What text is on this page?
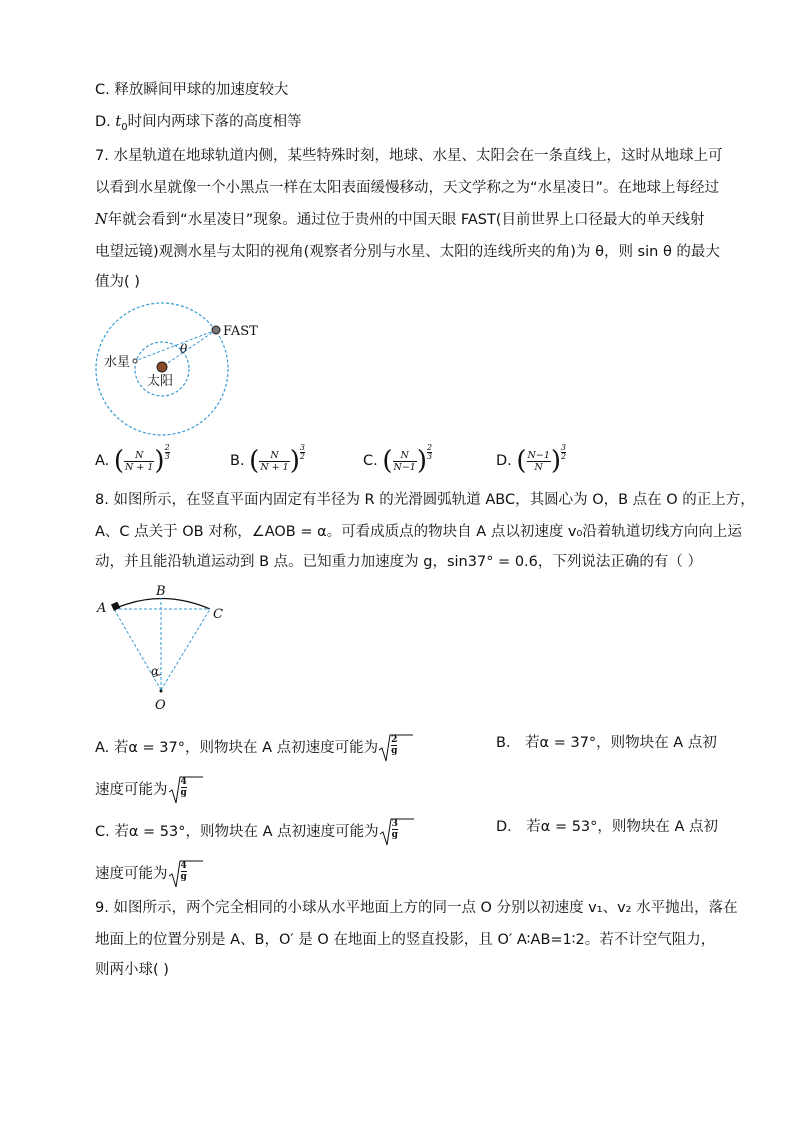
C. 释放瞬间甲球的加速度较大
D. $t_0$时间内两球下落的高度相等
7. 水星轨道在地球轨道内侧，某些特殊时刻，地球、水星、太阳会在一条直线上，这时从地球上可
以看到水星就像一个小黑点一样在太阳表面缓慢移动，天文学称之为“水星凌日”。在地球上每经过
N年就会看到“水星凌日”现象。通过位于贵州的中国天眼 FAST(目前世界上口径最大的单天线射
电望远镜)观测水星与太阳的视角(观察者分别与水星、太阳的连线所夹的角)为 θ，则 sin θ 的最大
值为( )
FAST
水星
太阳
θ
A. ( $\frac{N}{N + 1}$ ) $\frac{2}{3}$	B. ( $\frac{N}{N + 1}$ ) $\frac{3}{2}$	C. ( $\frac{N}{N-1}$ ) $\frac{2}{3}$	D. ( $\frac{N-1}{N}$ ) $\frac{3}{2}$
8. 如图所示，在竖直平面内固定有半径为 R 的光滑圆弧轨道 ABC，其圆心为 O，B 点在 O 的正上方，
A、C 点关于 OB 对称，∠AOB = α。可看成质点的物块自 A 点以初速度 v₀沿着轨道切线方向向上运
动，并且能沿轨道运动到 B 点。已知重力加速度为 g，sin37° = 0.6，下列说法正确的有（ ）
A
B
C
O
α
A. 若α = 37°，则物块在 A 点初速度可能为 2
g	B． 若α = 37°，则物块在 A 点初
速度可能为 4
g
C. 若α = 53°，则物块在 A 点初速度可能为 3
g	D． 若α = 53°，则物块在 A 点初
速度可能为 4
g
9. 如图所示，两个完全相同的小球从水平地面上方的同一点 O 分别以初速度 v₁、v₂ 水平抛出，落在
地面上的位置分别是 A、B，O′ 是 O 在地面上的竖直投影，且 O′ A∶AB=1∶2。若不计空气阻力，
则两小球( )
